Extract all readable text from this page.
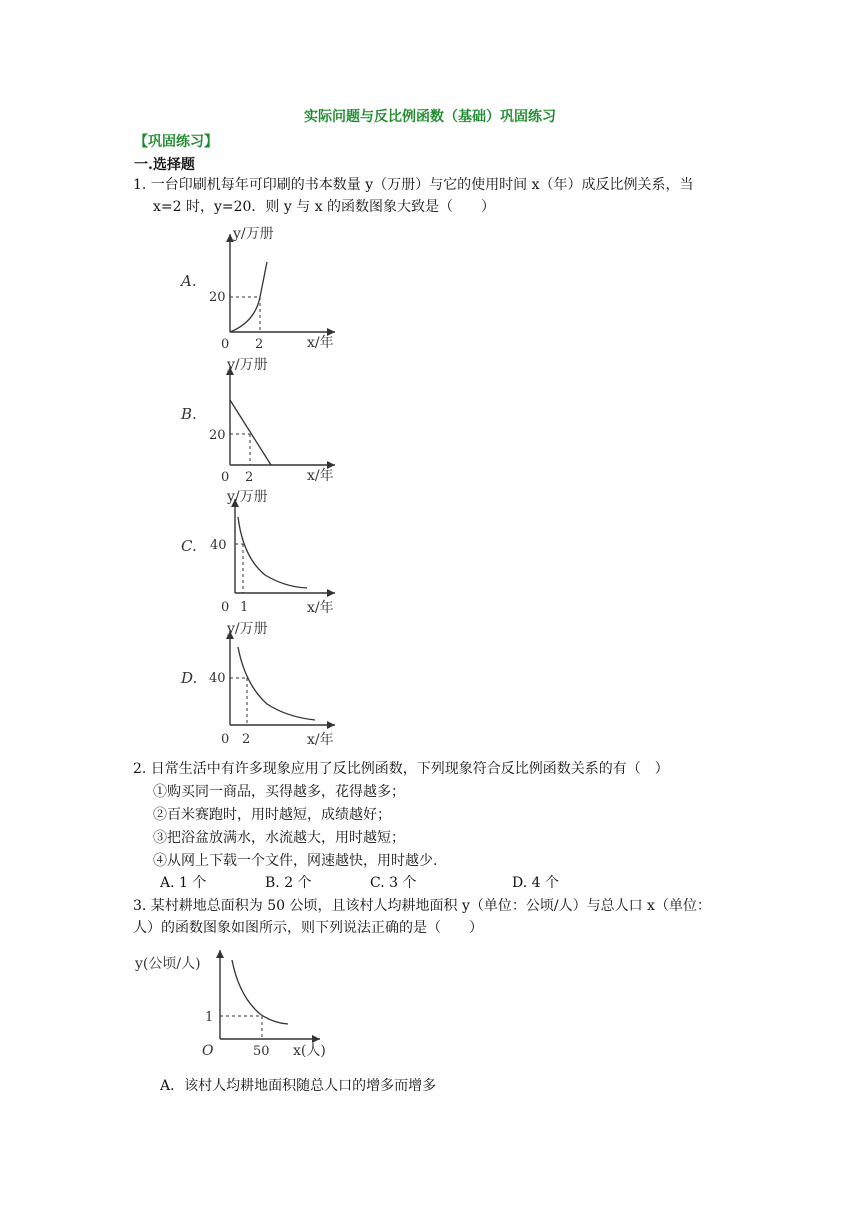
实际问题与反比例函数（基础）巩固练习
【巩固练习】
一.选择题
1. 一台印刷机每年可印刷的书本数量 y（万册）与它的使用时间 x（年）成反比例关系，当
x=2 时，y=20．则 y 与 x 的函数图象大致是（　　）
A.
y/万册
x/年
0
20
2
B.
y/万册
x/年
0
20
2
C.
y/万册
x/年
0
40
1
D.
y/万册
x/年
0
40
2
2. 日常生活中有许多现象应用了反比例函数，下列现象符合反比例函数关系的有（　）
①购买同一商品，买得越多，花得越多；
②百米赛跑时，用时越短，成绩越好；
③把浴盆放满水，水流越大，用时越短；
④从网上下载一个文件，网速越快，用时越少.
A. 1 个	B. 2 个	C. 3 个	D. 4 个
3. 某村耕地总面积为 50 公顷，且该村人均耕地面积 y（单位：公顷/人）与总人口 x（单位：
人）的函数图象如图所示，则下列说法正确的是（　　）
y(公顷/人)
x(人)
O
1
50
A．该村人均耕地面积随总人口的增多而增多
